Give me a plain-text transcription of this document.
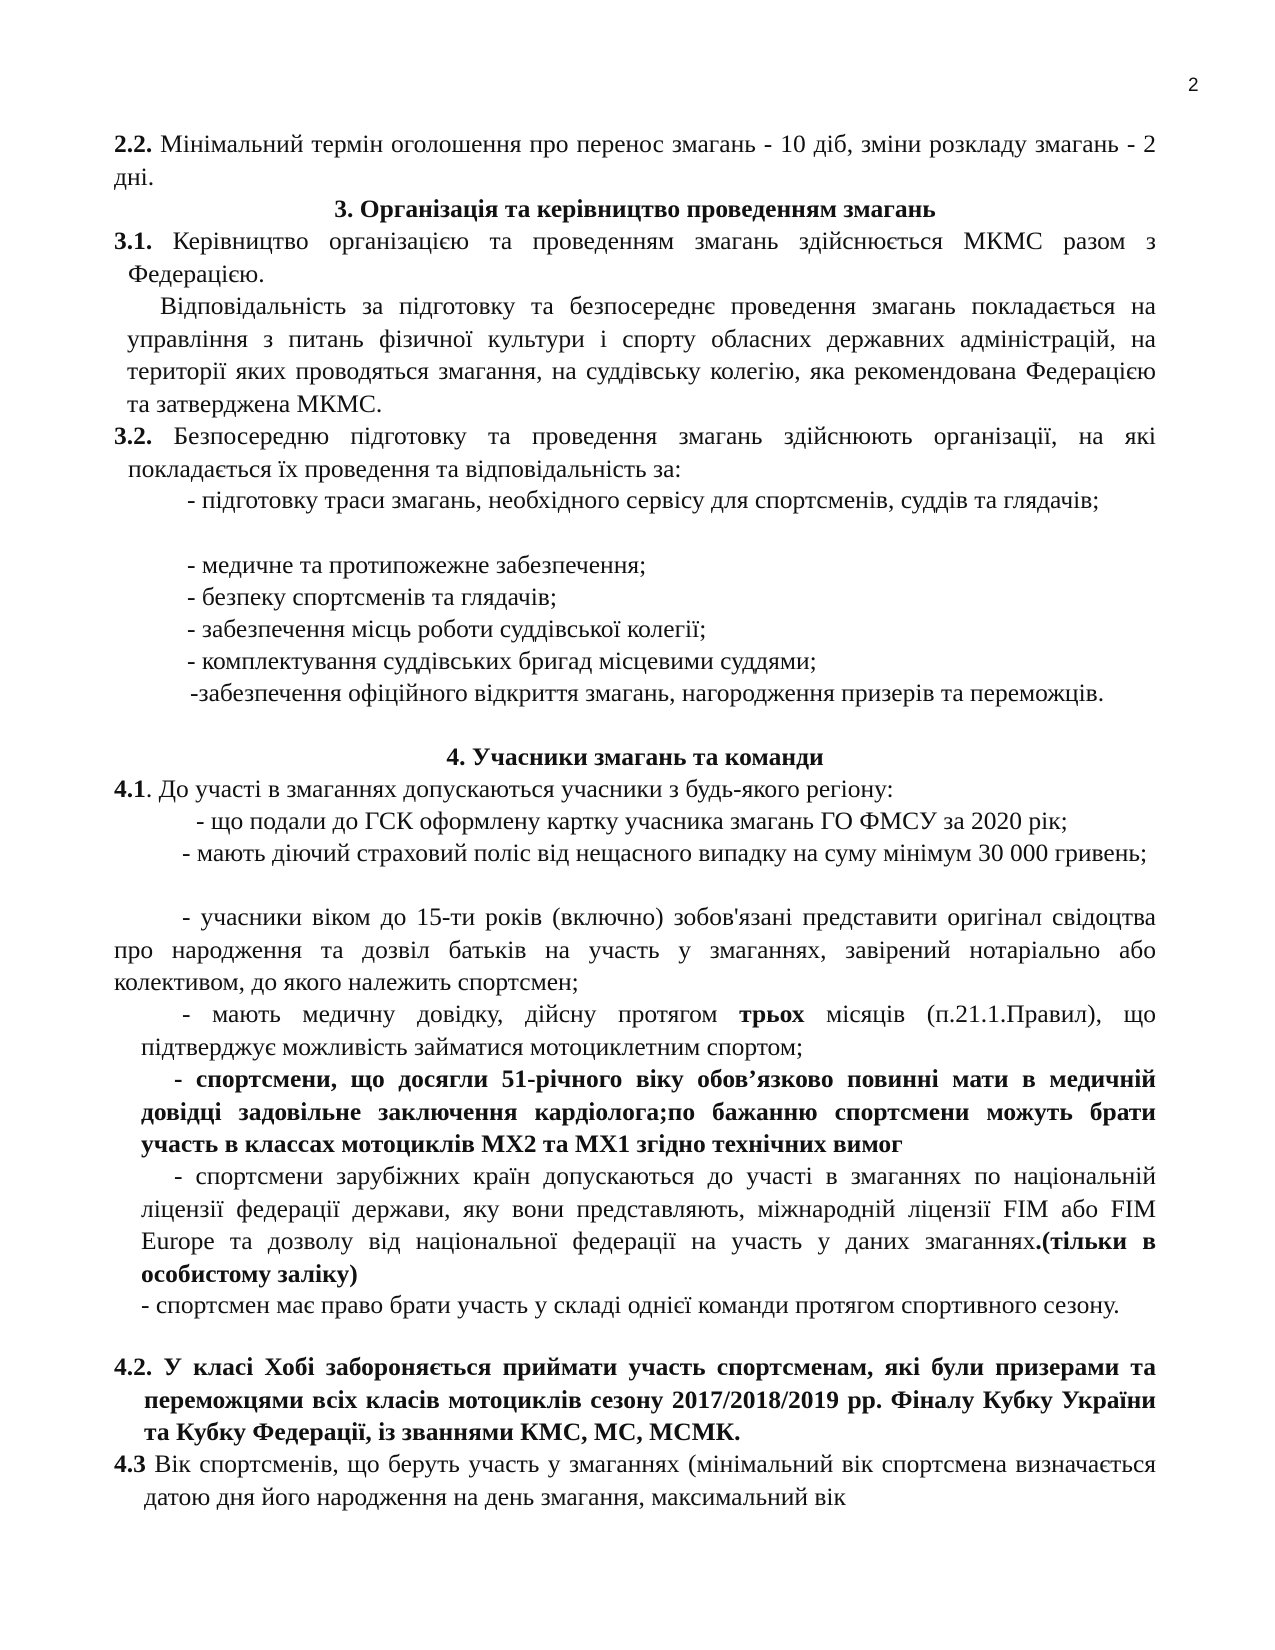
2

2.2. Мінімальний термін оголошення про перенос змагань - 10 діб, зміни розкладу змагань - 2 дні.

3. Організація та керівництво проведенням змагань

3.1. Керівництво організацією та проведенням змагань здійснюється МКМС разом з Федерацією.

Відповідальність за підготовку та безпосереднє проведення змагань покладається на управління з питань фізичної культури і спорту обласних державних адміністрацій, на території яких проводяться змагання, на суддівську колегію, яка рекомендована Федерацією та затверджена МКМС.

3.2. Безпосередню підготовку та проведення змагань здійснюють організації, на які покладається їх проведення та відповідальність за:

- підготовку траси змагань, необхідного сервісу для спортсменів, суддів та глядачів;

- медичне та протипожежне забезпечення;

- безпеку спортсменів та глядачів;

- забезпечення місць роботи суддівської колегії;

- комплектування суддівських бригад місцевими суддями;

-забезпечення офіційного відкриття змагань, нагородження призерів та переможців.

4. Учасники змагань та команди

4.1. До участі в змаганнях допускаються учасники з будь-якого регіону:

- що подали до ГСК оформлену картку учасника змагань ГО ФМСУ за 2020 рік;

- мають діючий страховий поліс від нещасного випадку на суму мінімум 30 000 гривень;

- учасники віком до 15-ти років (включно) зобов'язані представити оригінал свідоцтва про народження та дозвіл батьків на участь у змаганнях, завірений нотаріально або колективом, до якого належить спортсмен;

- мають медичну довідку, дійсну протягом трьох місяців (п.21.1.Правил), що підтверджує можливість займатися мотоциклетним спортом;

- спортсмени, що досягли 51-річного віку обов’язково повинні мати в медичній довідці задовільне заключення кардіолога;по бажанню спортсмени можуть брати участь в классах мотоциклів МХ2 та МХ1 згідно технічних вимог

- спортсмени зарубіжних країн допускаються до участі в змаганнях по національній ліцензії федерації держави, яку вони представляють, міжнародній ліцензії FIM або FIM Europe та дозволу від національної федерації на участь у даних змаганнях.(тільки в особистому заліку)

- спортсмен має право брати участь у складі однієї команди протягом спортивного сезону.

4.2. У класі Хобі забороняється приймати участь спортсменам, які були призерами та переможцями всіх класів мотоциклів сезону 2017/2018/2019 рр. Фіналу Кубку України та Кубку Федерації, із званнями КМС, МС, МСМК.

4.3 Вік спортсменів, що беруть участь у змаганнях (мінімальний вік спортсмена визначається датою дня його народження на день змагання, максимальний вік
